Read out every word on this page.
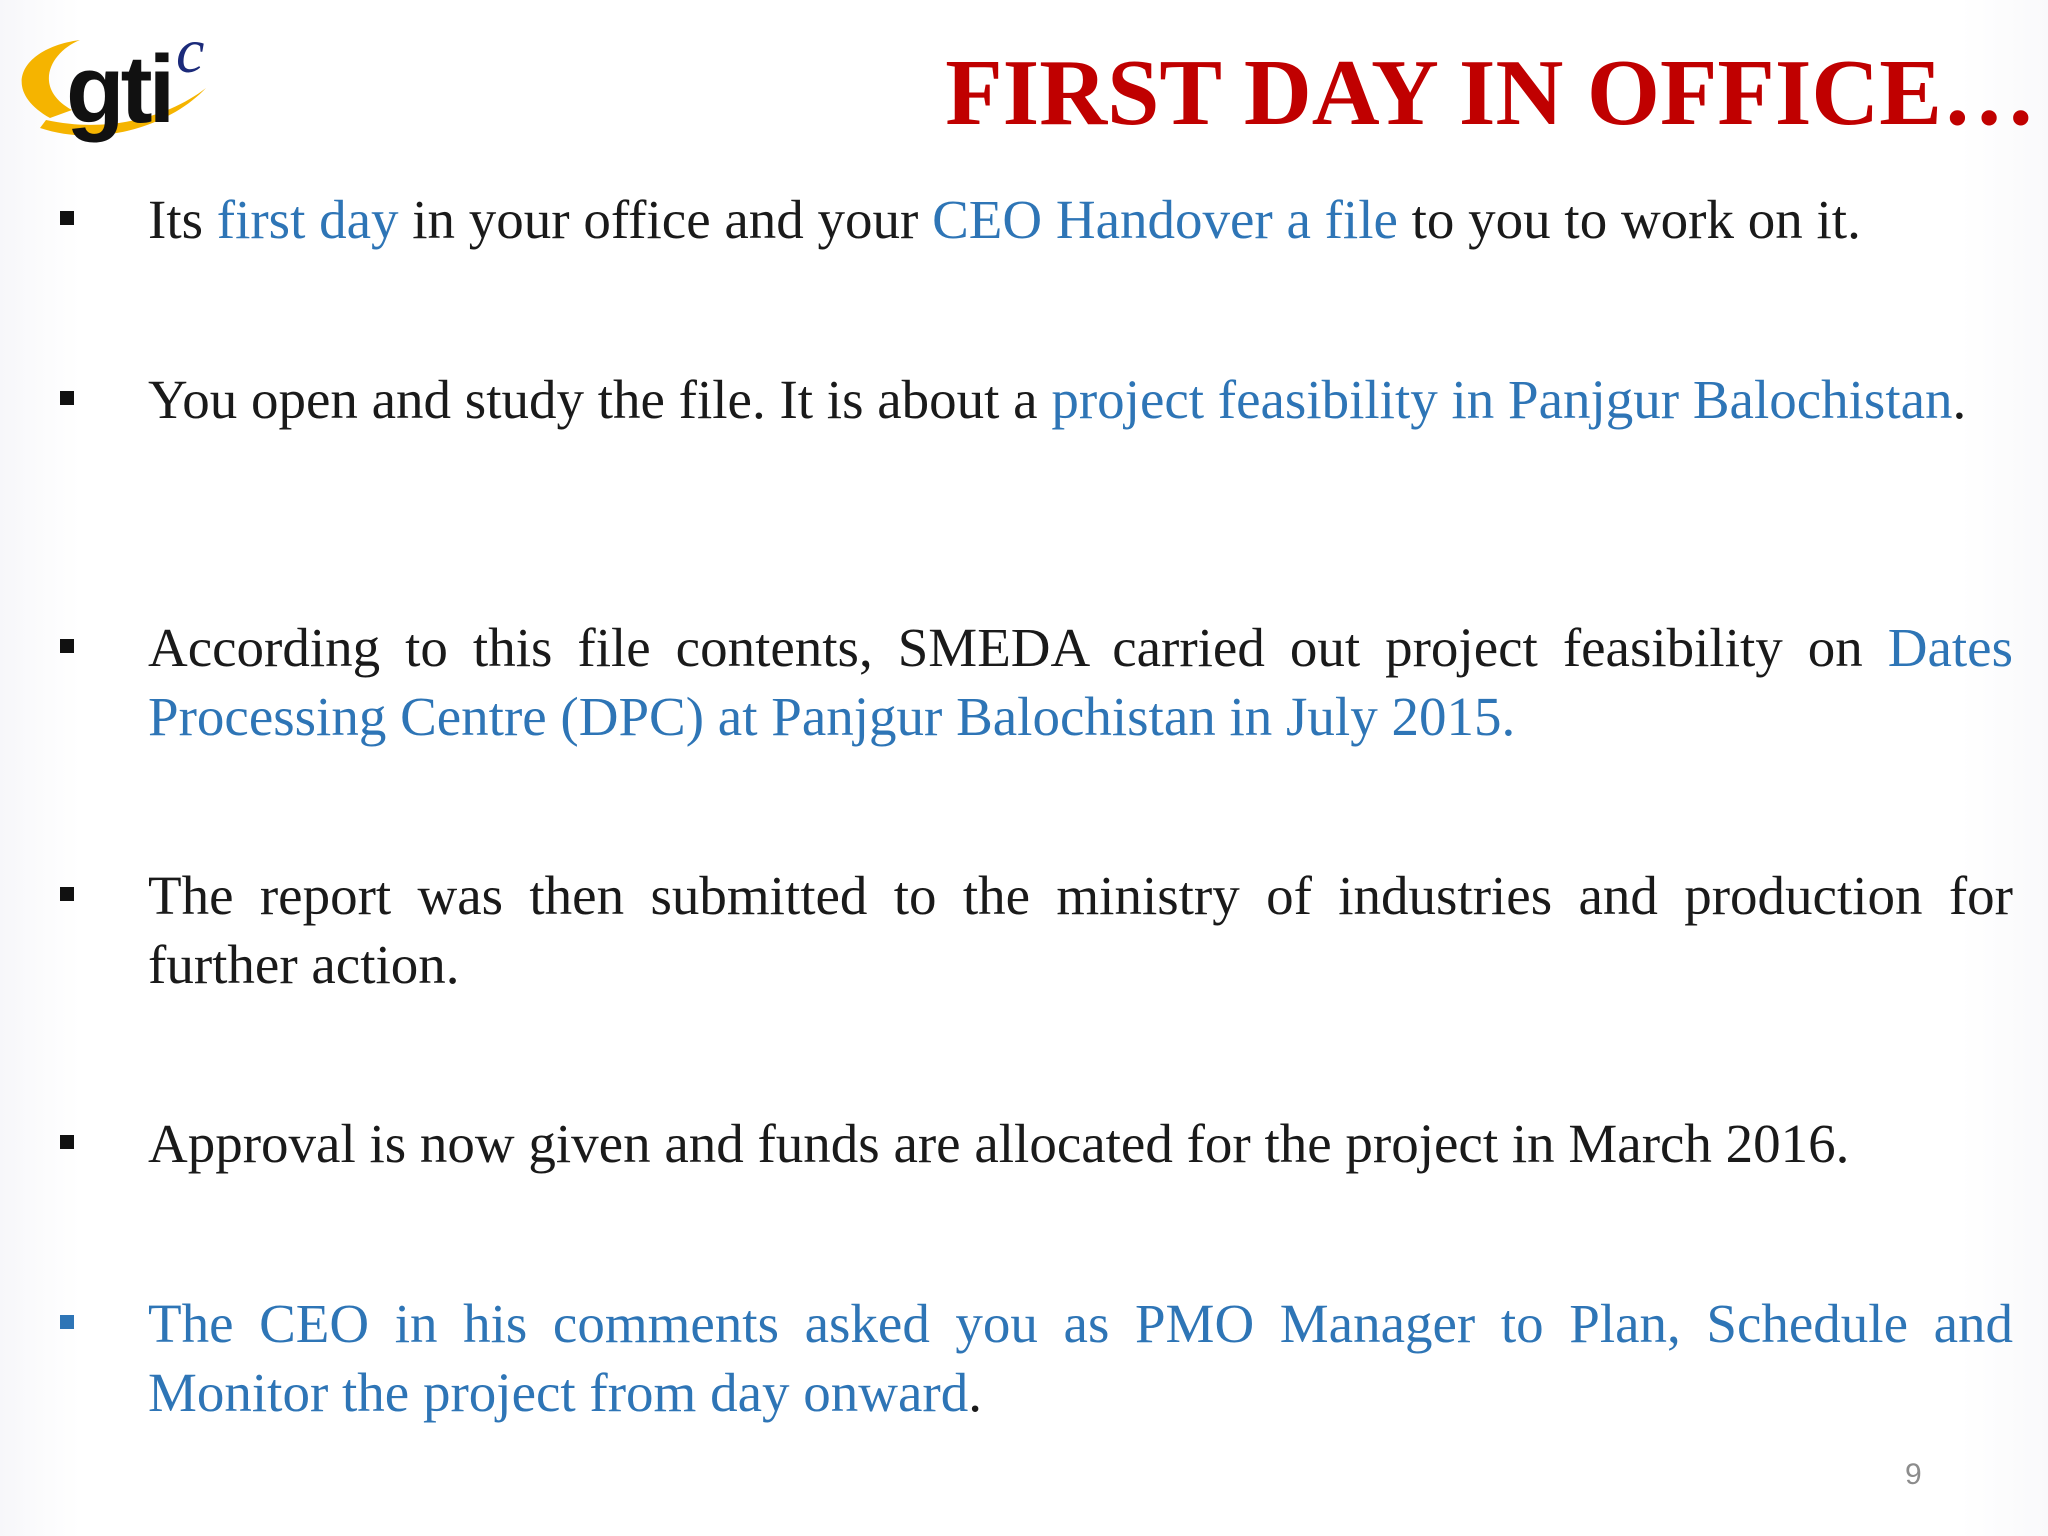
gti c	FIRST DAY IN OFFICE…
Its first day in your office and your CEO Handover a file to you to work on it.
You open and study the file. It is about a project feasibility in Panjgur Balochistan.
According to this file contents, SMEDA carried out project feasibility on Dates Processing Centre (DPC) at Panjgur Balochistan in July 2015.
The report was then submitted to the ministry of industries and production for further action.
Approval is now given and funds are allocated for the project in March 2016.
The CEO in his comments asked you as PMO Manager to Plan, Schedule and Monitor the project from day onward.
9
